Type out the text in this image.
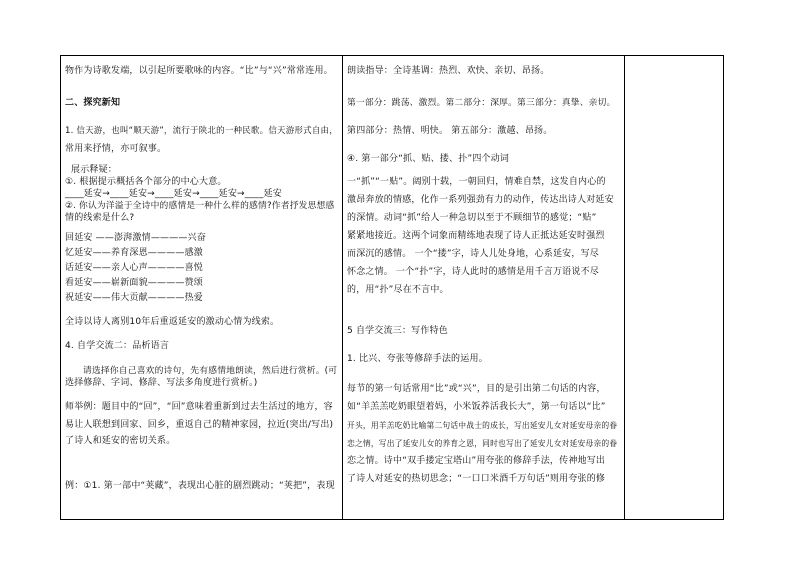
物作为诗歌发端，以引起所要歌咏的内容。“比”与“兴”常常连用。
二、探究新知
1. 信天游，也叫“顺天游”，流行于陕北的一种民歌。信天游形式自由，
常用来抒情，亦可叙事。
展示释疑：
①. 根据提示概括各个部分的中心大意。
____延安→____延安→____延安→____延安→____延安
②. 你认为洋溢于全诗中的感情是一种什么样的感情?作者抒发思想感
情的线索是什么?
回延安 ——澎湃激情————兴奋
忆延安——养育深恩————感激
话延安——亲人心声————喜悦
看延安——崭新面貌————赞颂
祝延安——伟大贡献————热爱
全诗以诗人离别10年后重返延安的激动心情为线索。
4. 自学交流二：品析语言
请选择你自己喜欢的诗句，先有感情地朗读，然后进行赏析。(可
选择修辞、字词、修辞、写法多角度进行赏析。)
师举例：题目中的“回”，“回”意味着重新到过去生活过的地方，容
易让人联想到回家、回乡，重返自己的精神家园，拉近(突出/写出)
了诗人和延安的密切关系。
例：①1. 第一部中“荚藏”，表现出心脏的剧烈跳动；“荚把”，表现
朗读指导：全诗基调：热烈、欢快、亲切、昂扬。
第一部分：跳荡、激烈。第二部分：深厚。第三部分：真挚、亲切。
第四部分：热情、明快。 第五部分：激越、昂扬。
④. 第一部分“抓、贴、搂、扑”四个动词
一“抓”“一贴”。阔别十载，一朝回归，情难自禁，这发自内心的
激昂奔放的情感，化作一系列强劲有力的动作，传达出诗人对延安
的深情。动词“抓”给人一种急切以至于不顾细节的感觉；“贴”
紧紧地接近。这两个词象而精练地表现了诗人正抵达延安时强烈
而深沉的感情。 一个“搂”字，诗人儿处身地，心系延安，写尽
怀念之情。 一个“扑”字，诗人此时的感情是用千言万语说不尽
的，用“扑”尽在不言中。
5 自学交流三：写作特色
1. 比兴、夸张等修辞手法的运用。
每节的第一句话常用“比”或“兴”，目的是引出第二句话的内容，
如“羊羔羔吃奶眼望着妈，小米饭养活我长大”，第一句话以“比”
开头，用羊羔吃奶比喻第二句话中战士的成长，写出延安儿女对延安母亲的眷
恋之情，写出了延安儿女的养育之恩，同时也写出了延安儿女对延安母亲的眷
恋之情。诗中“双手搂定宝塔山”用夸张的修辞手法，传神地写出
了诗人对延安的热切思念；“一口口米酒千万句话”则用夸张的修
